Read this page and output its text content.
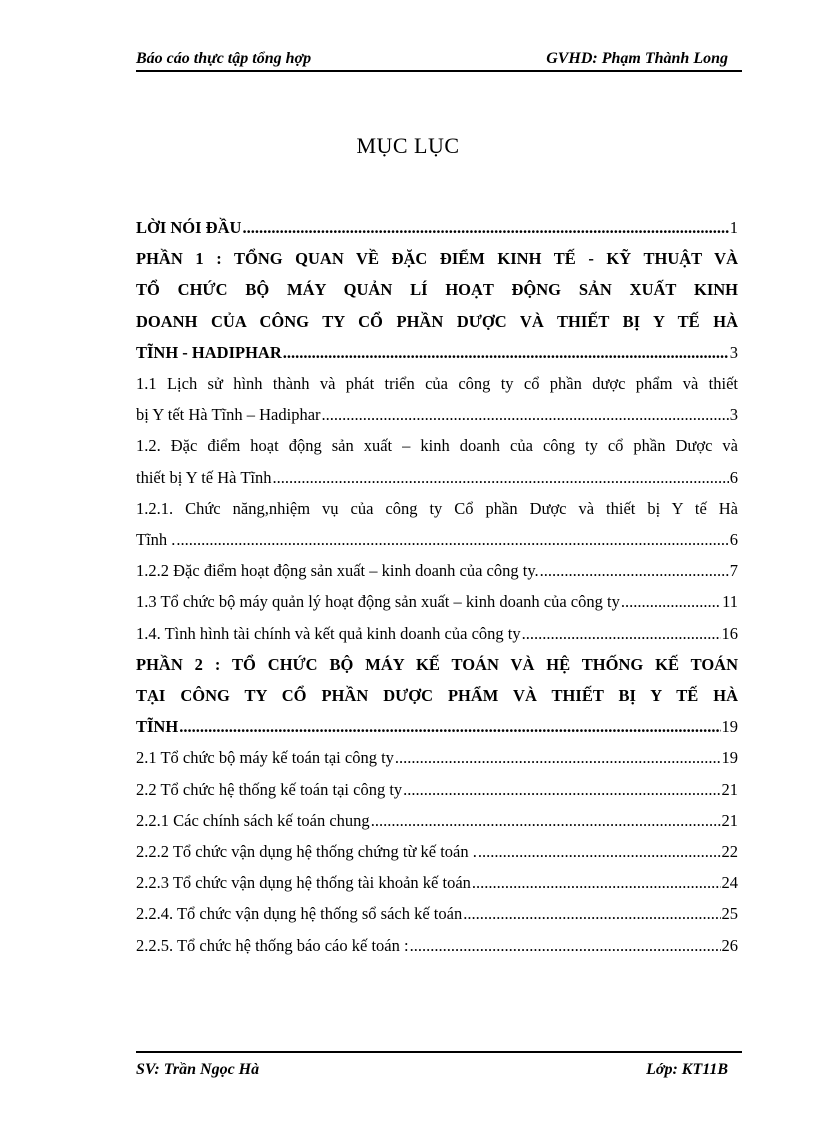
Báo cáo thực tập tổng hợp	GVHD: Phạm Thành Long
MỤC LỤC
LỜI NÓI ĐẦU .....	1
PHẦN 1 : TỔNG QUAN VỀ ĐẶC ĐIỂM KINH TẾ - KỸ THUẬT VÀ
TỔ CHỨC BỘ MÁY QUẢN LÍ HOẠT ĐỘNG SẢN XUẤT KINH
DOANH CỦA CÔNG TY CỔ PHẦN DƯỢC VÀ THIẾT BỊ Y TẾ HÀ
TĨNH - HADIPHAR .....	3
1.1 Lịch sử hình thành và phát triển của công ty cổ phần dược phẩm và thiết
bị Y tết Hà Tĩnh – Hadiphar .....	3
1.2. Đặc điểm hoạt động sản xuất – kinh doanh của công ty cổ phần Dược và
thiết bị Y tế Hà Tĩnh .....	6
1.2.1. Chức năng,nhiệm vụ của công ty Cổ phần Dược và thiết bị Y tế Hà
Tĩnh . .....	6
1.2.2 Đặc điểm hoạt động sản xuất – kinh doanh của công ty. .....	7
1.3 Tổ chức bộ máy quản lý hoạt động sản xuất – kinh doanh của công ty .....	11
1.4. Tình hình tài chính và kết quả kinh doanh của công ty .....	16
PHẦN 2 : TỔ CHỨC BỘ MÁY KẾ TOÁN VÀ HỆ THỐNG KẾ TOÁN
TẠI CÔNG TY CỔ PHẦN DƯỢC PHẨM VÀ THIẾT BỊ Y TẾ HÀ
TĨNH .....	19
2.1 Tổ chức bộ máy kế toán tại công ty .....	19
2.2 Tổ chức hệ thống kế toán tại công ty .....	21
2.2.1 Các chính sách kế toán chung .....	21
2.2.2 Tổ chức vận dụng hệ thống chứng từ kế toán . .....	22
2.2.3 Tổ chức vận dụng hệ thống tài khoản kế toán .....	24
2.2.4. Tổ chức vận dụng hệ thống sổ sách kế toán .....	25
2.2.5. Tổ chức hệ thống báo cáo kế toán : .....	26
SV: Trần Ngọc Hà	Lớp: KT11B
